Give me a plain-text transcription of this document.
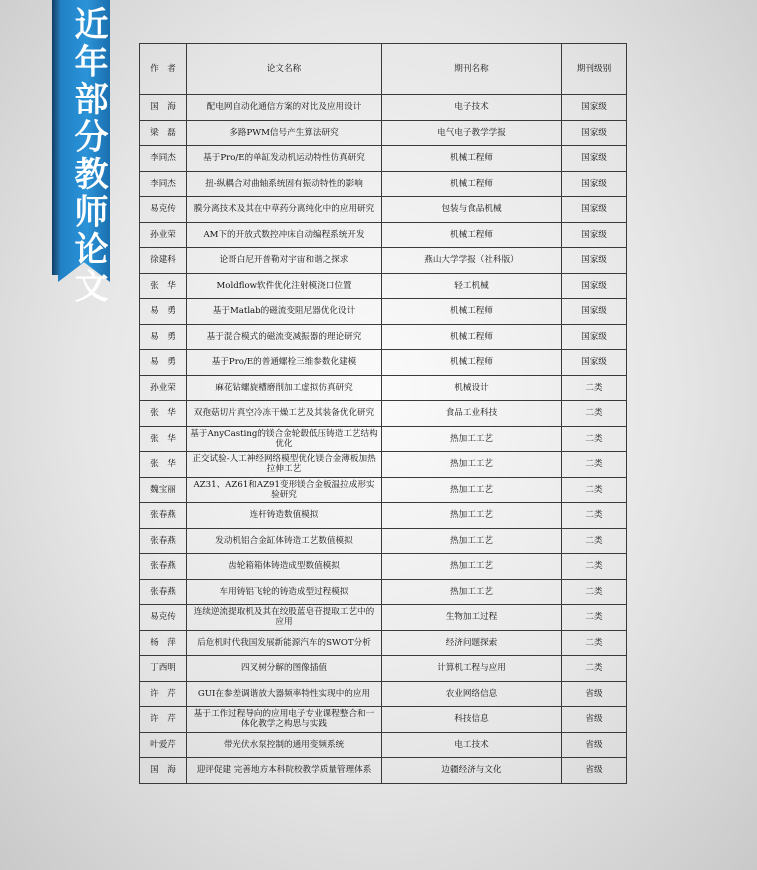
近年部分教师论文	作　者	论文名称	期刊名称	期刊级别
国　海	配电网自动化通信方案的对比及应用设计	电子技术	国家级
梁　磊	多路PWM信号产生算法研究	电气电子教学学报	国家级
李同杰	基于Pro/E的单缸发动机运动特性仿真研究	机械工程师	国家级
李同杰	扭-纵耦合对曲轴系统固有振动特性的影响	机械工程师	国家级
易克传	膜分离技术及其在中草药分离纯化中的应用研究	包装与食品机械	国家级
孙业荣	AM下的开放式数控冲床自动编程系统开发	机械工程师	国家级
徐建科	论哥白尼开普勒对宇宙和谐之探求	燕山大学学报（社科版）	国家级
张　华	Moldflow软件优化注射模浇口位置	轻工机械	国家级
易　勇	基于Matlab的磁流变阻尼器优化设计	机械工程师	国家级
易　勇	基于混合模式的磁流变减振器的理论研究	机械工程师	国家级
易　勇	基于Pro/E的普通螺栓三维参数化建模	机械工程师	国家级
孙业荣	麻花钻螺旋槽磨削加工虚拟仿真研究	机械设计	二类
张　华	双孢菇切片真空冷冻干燥工艺及其装备优化研究	食品工业科技	二类
张　华	基于AnyCasting的镁合金轮毂低压铸造工艺结构优化	热加工工艺	二类
张　华	正交试验-人工神经网络模型优化镁合金薄板加热拉伸工艺	热加工工艺	二类
魏宝丽	AZ31、AZ61和AZ91变形镁合金板温拉成形实验研究	热加工工艺	二类
张春燕	连杆铸造数值模拟	热加工工艺	二类
张春燕	发动机铝合金缸体铸造工艺数值模拟	热加工工艺	二类
张春燕	齿轮箱箱体铸造成型数值模拟	热加工工艺	二类
张春燕	车用铸铝飞轮的铸造成型过程模拟	热加工工艺	二类
易克传	连续逆流提取机及其在绞股蓝皂苷提取工艺中的应用	生物加工过程	二类
杨　萍	后危机时代我国发展新能源汽车的SWOT分析	经济问题探索	二类
丁西明	四叉树分解的图像插值	计算机工程与应用	二类
许　芹	GUI在参差调谐放大器频率特性实现中的应用	农业网络信息	省级
许　芹	基于工作过程导向的应用电子专业课程整合和一体化教学之构思与实践	科技信息	省级
叶爱芹	带光伏水泵控制的通用变频系统	电工技术	省级
国　海	迎评促建 完善地方本科院校教学质量管理体系	边疆经济与文化	省级
